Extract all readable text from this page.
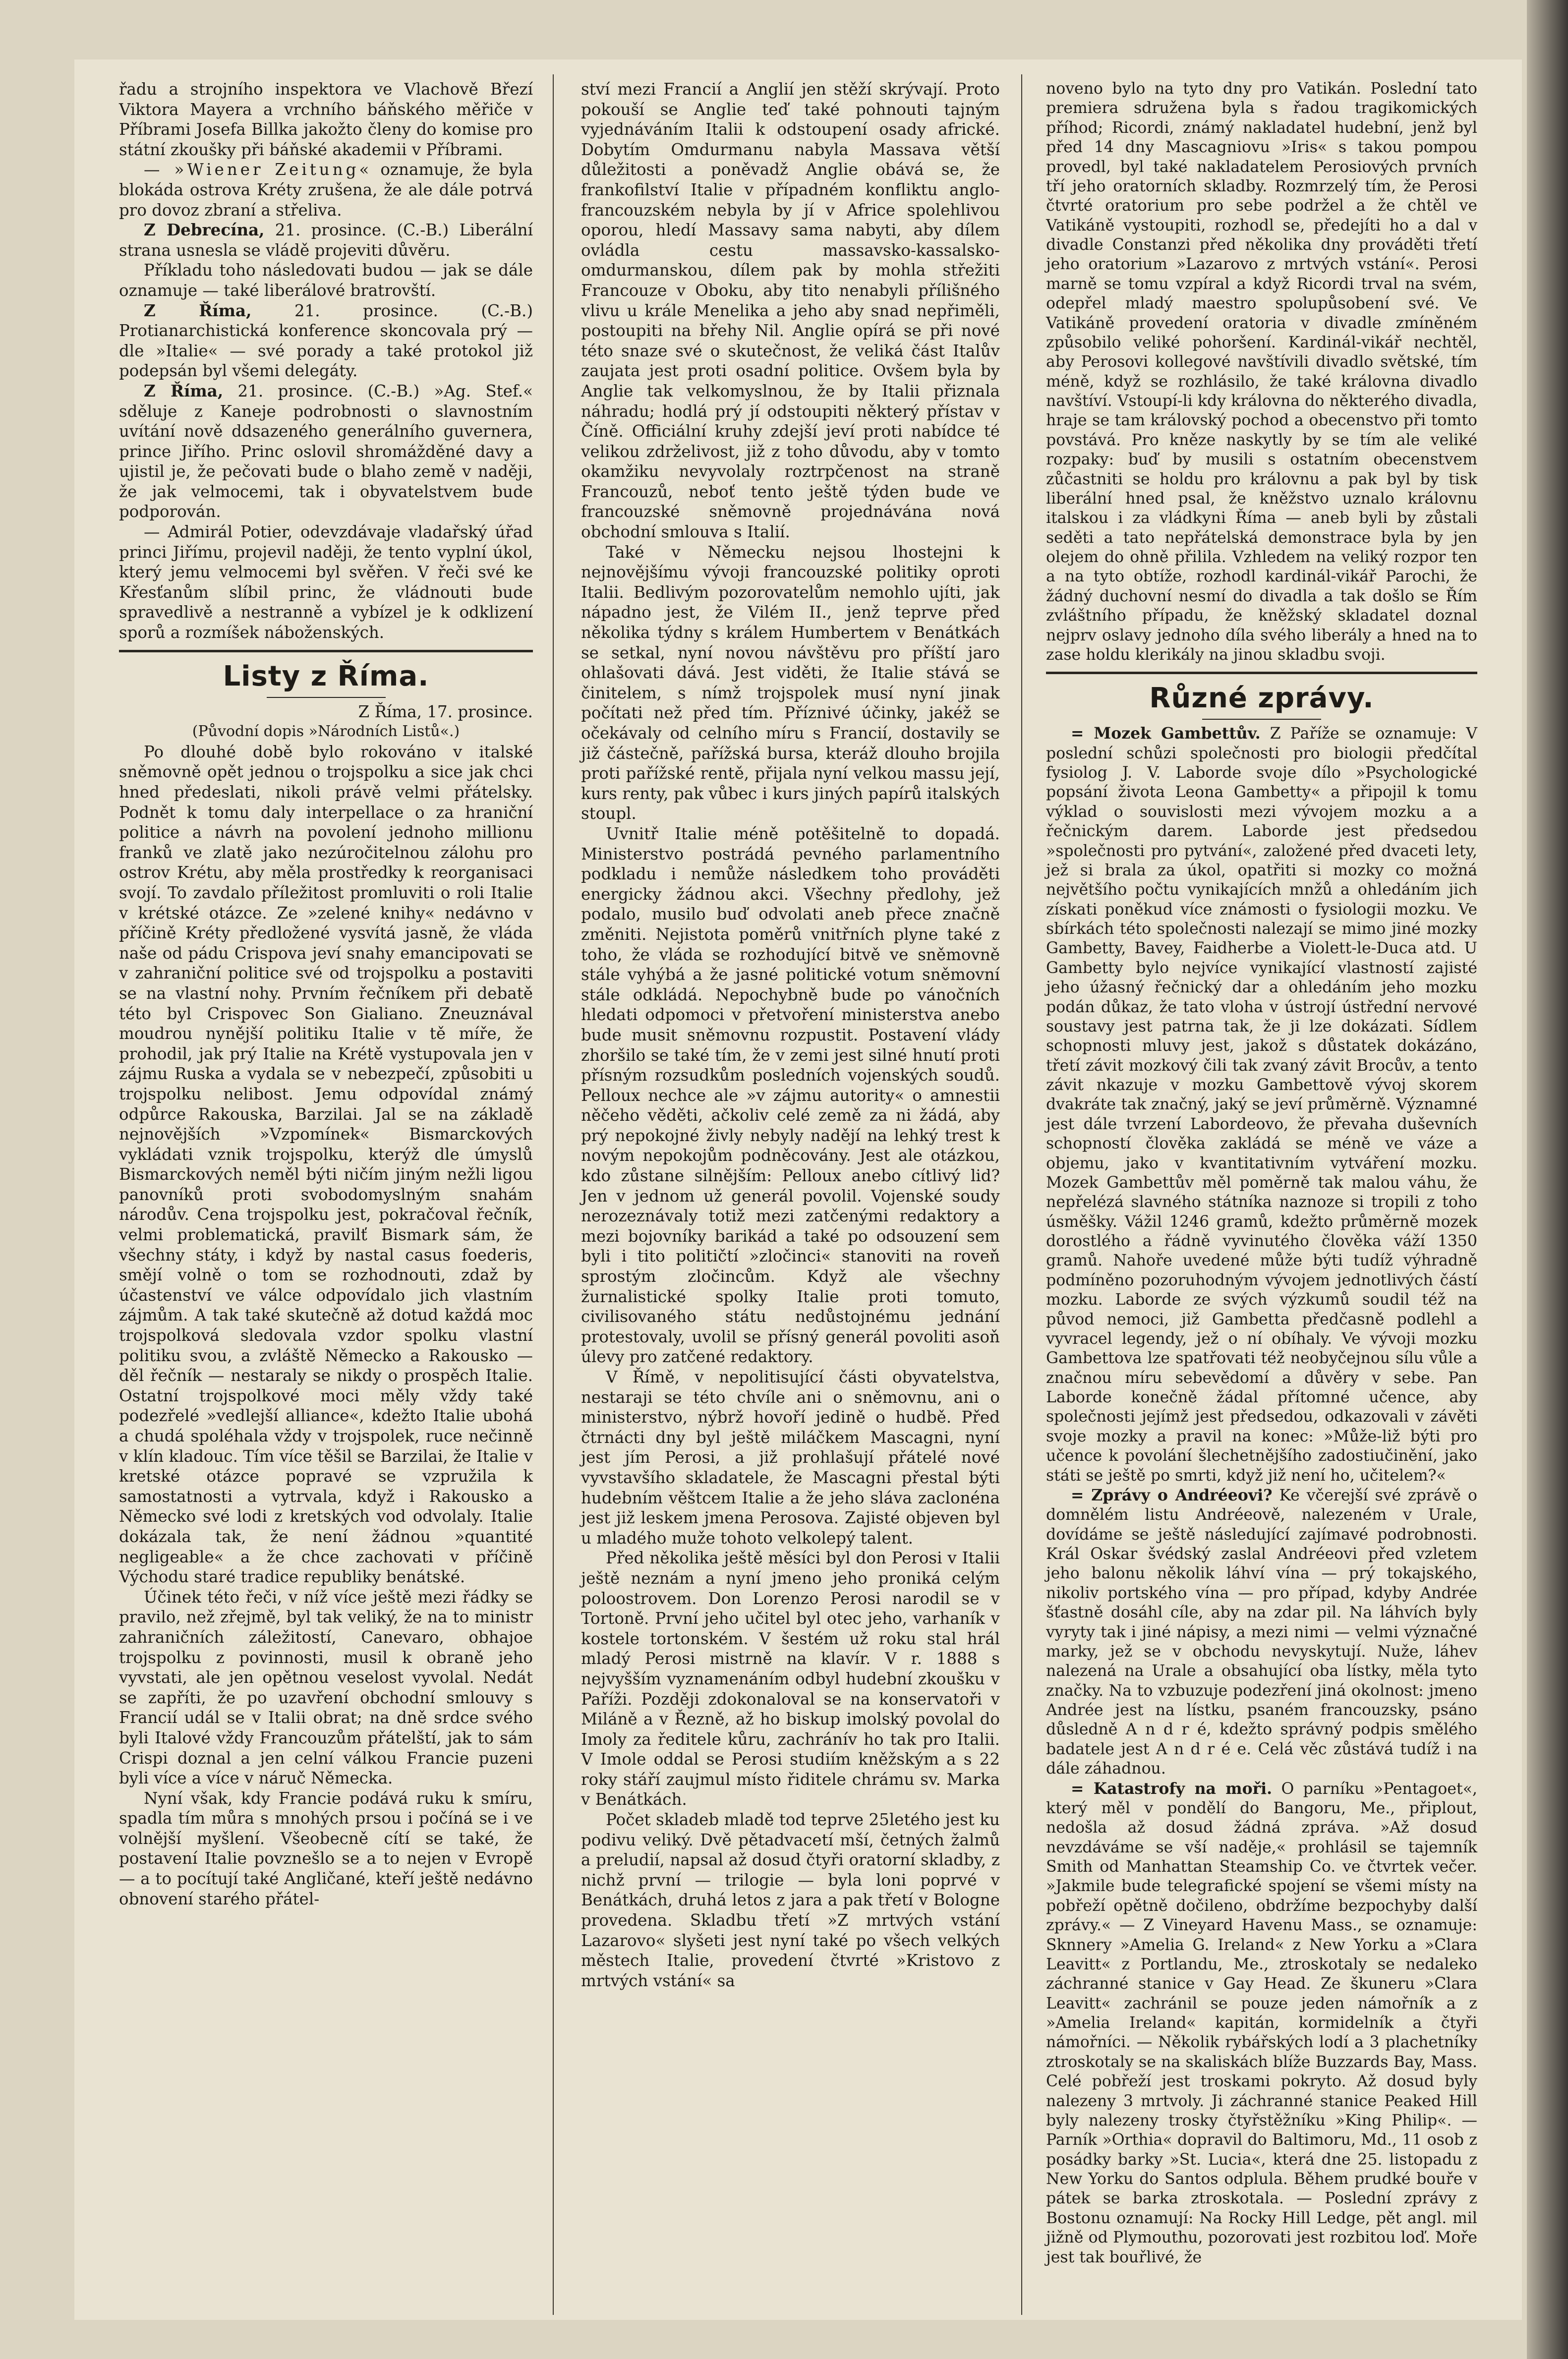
řadu a strojního inspektora ve Vlachově Březí Viktora Mayera a vrchního báňského měřiče v Příbrami Josefa Billka jakožto členy do komise pro státní zkoušky při báňské akademii v Příbrami.

— »Wiener Zeitung« oznamuje, že byla blokáda ostrova Kréty zrušena, že ale dále potrvá pro dovoz zbraní a střeliva.

Z Debrecína, 21. prosince. (C.-B.) Liberální strana usnesla se vládě projeviti důvěru.

Příkladu toho následovati budou — jak se dále oznamuje — také liberálové bratrovští.

Z Říma, 21. prosince. (C.-B.) Protianarchistická konference skoncovala prý — dle »Italie« — své porady a také protokol již podepsán byl všemi delegáty.

Z Říma, 21. prosince. (C.-B.) »Ag. Stef.« sděluje z Kaneje podrobnosti o slavnostním uvítání nově ddsazeného generálního guvernera, prince Jiřího. Princ oslovil shromážděné davy a ujistil je, že pečovati bude o blaho země v naději, že jak velmocemi, tak i obyvatelstvem bude podporován.

— Admirál Potier, odevzdávaje vladařský úřad princi Jiřímu, projevil naději, že tento vyplní úkol, který jemu velmocemi byl svěřen. V řeči své ke Křesťanům slíbil princ, že vládnouti bude spravedlivě a nestranně a vybízel je k odklizení sporů a rozmíšek náboženských.

Listy z Říma.

Z Říma, 17. prosince.

(Původní dopis »Národních Listů«.)

Po dlouhé době bylo rokováno v italské sněmovně opět jednou o trojspolku a sice jak chci hned předeslati, nikoli právě velmi přátelsky. Podnět k tomu daly interpellace o za hraniční politice a návrh na povolení jednoho millionu franků ve zlatě jako nezúročitelnou zálohu pro ostrov Krétu, aby měla prostředky k reorganisaci svojí. To zavdalo příležitost promluviti o roli Italie v krétské otázce. Ze »zelené knihy« nedávno v příčině Kréty předložené vysvítá jasně, že vláda naše od pádu Crispova jeví snahy emancipovati se v zahraniční politice své od trojspolku a postaviti se na vlastní nohy. Prvním řečníkem při debatě této byl Crispovec Son Gialiano. Zneuznával moudrou nynější politiku Italie v tě míře, že prohodil, jak prý Italie na Krétě vystupovala jen v zájmu Ruska a vydala se v nebezpečí, způsobiti u trojspolku nelibost. Jemu odpovídal známý odpůrce Rakouska, Barzilai. Jal se na základě nejnovějších »Vzpomínek« Bismarckových vykládati vznik trojspolku, kterýž dle úmyslů Bismarckových neměl býti ničím jiným nežli ligou panovníků proti svobodomyslným snahám národův. Cena trojspolku jest, pokračoval řečník, velmi problematická, pravilť Bismark sám, že všechny státy, i když by nastal casus foederis, smějí volně o tom se rozhodnouti, zdaž by účastenství ve válce odpovídalo jich vlastním zájmům. A tak také skutečně až dotud každá moc trojspolková sledovala vzdor spolku vlastní politiku svou, a zvláště Německo a Rakousko — děl řečník — nestaraly se nikdy o prospěch Italie. Ostatní trojspolkové moci měly vždy také podezřelé »vedlejší alliance«, kdežto Italie ubohá a chudá spoléhala vždy v trojspolek, ruce nečinně v klín kladouc. Tím více těšil se Barzilai, že Italie v kretské otázce popravé se vzpružila k samostatnosti a vytrvala, když i Rakousko a Německo své lodi z kretských vod odvolaly. Italie dokázala tak, že není žádnou »quantité negligeable« a že chce zachovati v příčině Východu staré tradice republiky benátské.

Účinek této řeči, v níž více ještě mezi řádky se pravilo, než zřejmě, byl tak veliký, že na to ministr zahraničních záležitostí, Canevaro, obhajoe trojspolku z povinnosti, musil k obraně jeho vyvstati, ale jen opětnou veselost vyvolal. Nedát se zapříti, že po uzavření obchodní smlouvy s Francií udál se v Italii obrat; na dně srdce svého byli Italové vždy Francouzům přátelští, jak to sám Crispi doznal a jen celní válkou Francie puzeni byli více a více v náruč Německa.

Nyní však, kdy Francie podává ruku k smíru, spadla tím můra s mnohých prsou i počíná se i ve volnější myšlení. Všeobecně cítí se také, že postavení Italie povznešlo se a to nejen v Evropě — a to pocítují také Angličané, kteří ještě nedávno obnovení starého přátel-

ství mezi Francií a Anglií jen stěží skrývají. Proto pokouší se Anglie teď také pohnouti tajným vyjednáváním Italii k odstoupení osady africké. Dobytím Omdurmanu nabyla Massava větší důležitosti a poněvadž Anglie obává se, že frankofilství Italie v případném konfliktu anglo-francouzském nebyla by jí v Africe spolehlivou oporou, hledí Massavy sama nabyti, aby dílem ovládla cestu massavsko-kassalsko-omdurmanskou, dílem pak by mohla střežiti Francouze v Oboku, aby tito nenabyli přílišného vlivu u krále Menelika a jeho aby snad nepřiměli, postoupiti na břehy Nil. Anglie opírá se při nové této snaze své o skutečnost, že veliká část Italův zaujata jest proti osadní politice. Ovšem byla by Anglie tak velkomyslnou, že by Italii přiznala náhradu; hodlá prý jí odstoupiti některý přístav v Číně. Officiální kruhy zdejší jeví proti nabídce té velikou zdrželivost, již z toho důvodu, aby v tomto okamžiku nevyvolaly roztrpčenost na straně Francouzů, neboť tento ještě týden bude ve francouzské sněmovně projednávána nová obchodní smlouva s Italií.

Také v Německu nejsou lhostejni k nejnovějšímu vývoji francouzské politiky oproti Italii. Bedlivým pozorovatelům nemohlo ujíti, jak nápadno jest, že Vilém II., jenž teprve před několika týdny s králem Humbertem v Benátkách se setkal, nyní novou návštěvu pro příští jaro ohlašovati dává. Jest viděti, že Italie stává se činitelem, s nímž trojspolek musí nyní jinak počítati než před tím. Příznivé účinky, jakéž se očekávaly od celního míru s Francií, dostavily se již částečně, pařížská bursa, kteráž dlouho brojila proti pařížské rentě, přijala nyní velkou massu její, kurs renty, pak vůbec i kurs jiných papírů italských stoupl.

Uvnitř Italie méně potěšitelně to dopadá. Ministerstvo postrádá pevného parlamentního podkladu i nemůže následkem toho prováděti energicky žádnou akci. Všechny předlohy, jež podalo, musilo buď odvolati aneb přece značně změniti. Nejistota poměrů vnitřních plyne také z toho, že vláda se rozhodující bitvě ve sněmovně stále vyhýbá a že jasné politické votum sněmovní stále odkládá. Nepochybně bude po vánočních hledati odpomoci v přetvoření ministerstva anebo bude musit sněmovnu rozpustit. Postavení vlády zhoršilo se také tím, že v zemi jest silné hnutí proti přísným rozsudkům posledních vojenských soudů. Pelloux nechce ale »v zájmu autority« o amnestii něčeho věděti, ačkoliv celé země za ni žádá, aby prý nepokojné živly nebyly nadějí na lehký trest k novým nepokojům podněcovány. Jest ale otázkou, kdo zůstane silnějším: Pelloux anebo cítlivý lid? Jen v jednom už generál povolil. Vojenské soudy nerozeznávaly totiž mezi zatčenými redaktory a mezi bojovníky barikád a také po odsouzení sem byli i tito političtí »zločinci« stanoviti na roveň sprostým zločincům. Když ale všechny žurnalistické spolky Italie proti tomuto, civilisovaného státu nedůstojnému jednání protestovaly, uvolil se přísný generál povoliti asoň úlevy pro zatčené redaktory.

V Římě, v nepolitisující části obyvatelstva, nestaraji se této chvíle ani o sněmovnu, ani o ministerstvo, nýbrž hovoří jedině o hudbě. Před čtrnácti dny byl ještě miláčkem Mascagni, nyní jest jím Perosi, a již prohlašují přátelé nové vyvstavšího skladatele, že Mascagni přestal býti hudebním věštcem Italie a že jeho sláva zaclonéna jest již leskem jmena Perosova. Zajisté objeven byl u mladého muže tohoto velkolepý talent.

Před několika ještě měsíci byl don Perosi v Italii ještě neznám a nyní jmeno jeho proniká celým poloostrovem. Don Lorenzo Perosi narodil se v Tortoně. První jeho učitel byl otec jeho, varhaník v kostele tortonském. V šestém už roku stal hrál mladý Perosi mistrně na klavír. V r. 1888 s nejvyšším vyznamenáním odbyl hudební zkoušku v Paříži. Později zdokonaloval se na konservatoři v Miláně a v Řezně, až ho biskup imolský povolal do Imoly za ředitele kůru, zachránív ho tak pro Italii. V Imole oddal se Perosi studiím kněžským a s 22 roky stáří zaujmul místo řiditele chrámu sv. Marka v Benátkách.

Počet skladeb mladě tod teprve 25letého jest ku podivu veliký. Dvě pětadvacetí mší, četných žalmů a preludií, napsal až dosud čtyři oratorní skladby, z nichž první — trilogie — byla loni poprvé v Benátkách, druhá letos z jara a pak třetí v Bologne provedena. Skladbu třetí »Z mrtvých vstání Lazarovo« slyšeti jest nyní také po všech velkých městech Italie, provedení čtvrté »Kristovo z mrtvých vstání« sa

noveno bylo na tyto dny pro Vatikán. Poslední tato premiera sdružena byla s řadou tragikomických příhod; Ricordi, známý nakladatel hudební, jenž byl před 14 dny Mascagniovu »Iris« s takou pompou provedl, byl také nakladatelem Perosiových prvních tří jeho oratorních skladby. Rozmrzelý tím, že Perosi čtvrté oratorium pro sebe podržel a že chtěl ve Vatikáně vystoupiti, rozhodl se, předejíti ho a dal v divadle Constanzi před několika dny prováděti třetí jeho oratorium »Lazarovo z mrtvých vstání«. Perosi marně se tomu vzpíral a když Ricordi trval na svém, odepřel mladý maestro spolupůsobení své. Ve Vatikáně provedení oratoria v divadle zmíněném způsobilo veliké pohoršení. Kardinál-vikář nechtěl, aby Perosovi kollegové navštívili divadlo světské, tím méně, když se rozhlásilo, že také královna divadlo navštíví. Vstoupí-li kdy královna do některého divadla, hraje se tam královský pochod a obecenstvo při tomto povstává. Pro kněze naskytly by se tím ale veliké rozpaky: buď by musili s ostatním obecenstvem zůčastniti se holdu pro královnu a pak byl by tisk liberální hned psal, že kněžstvo uznalo královnu italskou i za vládkyni Říma — aneb byli by zůstali seděti a tato nepřátelská demonstrace byla by jen olejem do ohně přilila. Vzhledem na veliký rozpor ten a na tyto obtíže, rozhodl kardinál-vikář Parochi, že žádný duchovní nesmí do divadla a tak došlo se Řím zvláštního případu, že kněžský skladatel doznal nejprv oslavy jednoho díla svého liberály a hned na to zase holdu klerikály na jinou skladbu svoji.

Různé zprávy.

= Mozek Gambettův. Z Paříže se oznamuje: V poslední schůzi společnosti pro biologii předčítal fysiolog J. V. Laborde svoje dílo »Psychologické popsání života Leona Gambetty« a připojil k tomu výklad o souvislosti mezi vývojem mozku a a řečnickým darem. Laborde jest předsedou »společnosti pro pytvání«, založené před dvaceti lety, jež si brala za úkol, opatřiti si mozky co možná největšího počtu vynikajících mnžů a ohledáním jich získati poněkud více známosti o fysiologii mozku. Ve sbírkách této společnosti nalezají se mimo jiné mozky Gambetty, Bavey, Faidherbe a Violett-le-Duca atd. U Gambetty bylo nejvíce vynikající vlastností zajisté jeho úžasný řečnický dar a ohledáním jeho mozku podán důkaz, že tato vloha v ústrojí ústřední nervové soustavy jest patrna tak, že ji lze dokázati. Sídlem schopnosti mluvy jest, jakož s důstatek dokázáno, třetí závit mozkový čili tak zvaný závit Brocův, a tento závit nkazuje v mozku Gambettově vývoj skorem dvakráte tak značný, jaký se jeví průměrně. Významné jest dále tvrzení Labordeovo, že převaha duševních schopností člověka zakládá se méně ve váze a objemu, jako v kvantitativním vytváření mozku. Mozek Gambettův měl poměrně tak malou váhu, že nepřelézá slavného státníka naznoze si tropili z toho úsměšky. Vážil 1246 gramů, kdežto průměrně mozek dorostlého a řádně vyvinutého člověka váží 1350 gramů. Nahoře uvedené může býti tudíž výhradně podmíněno pozoruhodným vývojem jednotlivých částí mozku. Laborde ze svých výzkumů soudil též na původ nemoci, již Gambetta předčasně podlehl a vyvracel legendy, jež o ní obíhaly. Ve vývoji mozku Gambettova lze spatřovati též neobyčejnou sílu vůle a značnou míru sebevědomí a důvěry v sebe. Pan Laborde konečně žádal přítomné učence, aby společnosti jejímž jest předsedou, odkazovali v závěti svoje mozky a pravil na konec: »Může-liž býti pro učence k povolání šlechetnějšího zadostiučinění, jako státi se ještě po smrti, když již není ho, učitelem?«

= Zprávy o Andréeovi? Ke včerejší své zprávě o domnělém listu Andréeově, nalezeném v Urale, dovídáme se ještě následující zajímavé podrobnosti. Král Oskar švédský zaslal Andréeovi před vzletem jeho balonu několik láhví vína — prý tokajského, nikoliv portského vína — pro případ, kdyby Andrée šťastně dosáhl cíle, aby na zdar pil. Na láhvích byly vyryty tak i jiné nápisy, a mezi nimi — velmi význačné marky, jež se v obchodu nevyskytují. Nuže, láhev nalezená na Urale a obsahující oba lístky, měla tyto značky. Na to vzbuzuje podezření jiná okolnost: jmeno Andrée jest na lístku, psaném francouzsky, psáno důsledně A n d r é, kdežto správný podpis smělého badatele jest A n d r é e. Celá věc zůstává tudíž i na dále záhadnou.

= Katastrofy na moři. O parníku »Pentagoet«, který měl v pondělí do Bangoru, Me., připlout, nedošla až dosud žádná zpráva. »Až dosud nevzdáváme se vší naděje,« prohlásil se tajemník Smith od Manhattan Steamship Co. ve čtvrtek večer. »Jakmile bude telegrafické spojení se všemi místy na pobřeží opětně dočileno, obdržíme bezpochyby další zprávy.« — Z Vineyard Havenu Mass., se oznamuje: Sknnery »Amelia G. Ireland« z New Yorku a »Clara Leavitt« z Portlandu, Me., ztroskotaly se nedaleko záchranné stanice v Gay Head. Ze škuneru »Clara Leavitt« zachránil se pouze jeden námořník a z »Amelia Ireland« kapitán, kormidelník a čtyři námořníci. — Několik rybářských lodí a 3 plachetníky ztroskotaly se na skaliskách blíže Buzzards Bay, Mass. Celé pobřeží jest troskami pokryto. Až dosud byly nalezeny 3 mrtvoly. Ji záchranné stanice Peaked Hill byly nalezeny trosky čtyřstěžníku »King Philip«. — Parník »Orthia« dopravil do Baltimoru, Md., 11 osob z posádky barky »St. Lucia«, která dne 25. listopadu z New Yorku do Santos odplula. Během prudké bouře v pátek se barka ztroskotala. — Poslední zprávy z Bostonu oznamují: Na Rocky Hill Ledge, pět angl. mil jižně od Plymouthu, pozorovati jest rozbitou loď. Moře jest tak bouřlivé, že
